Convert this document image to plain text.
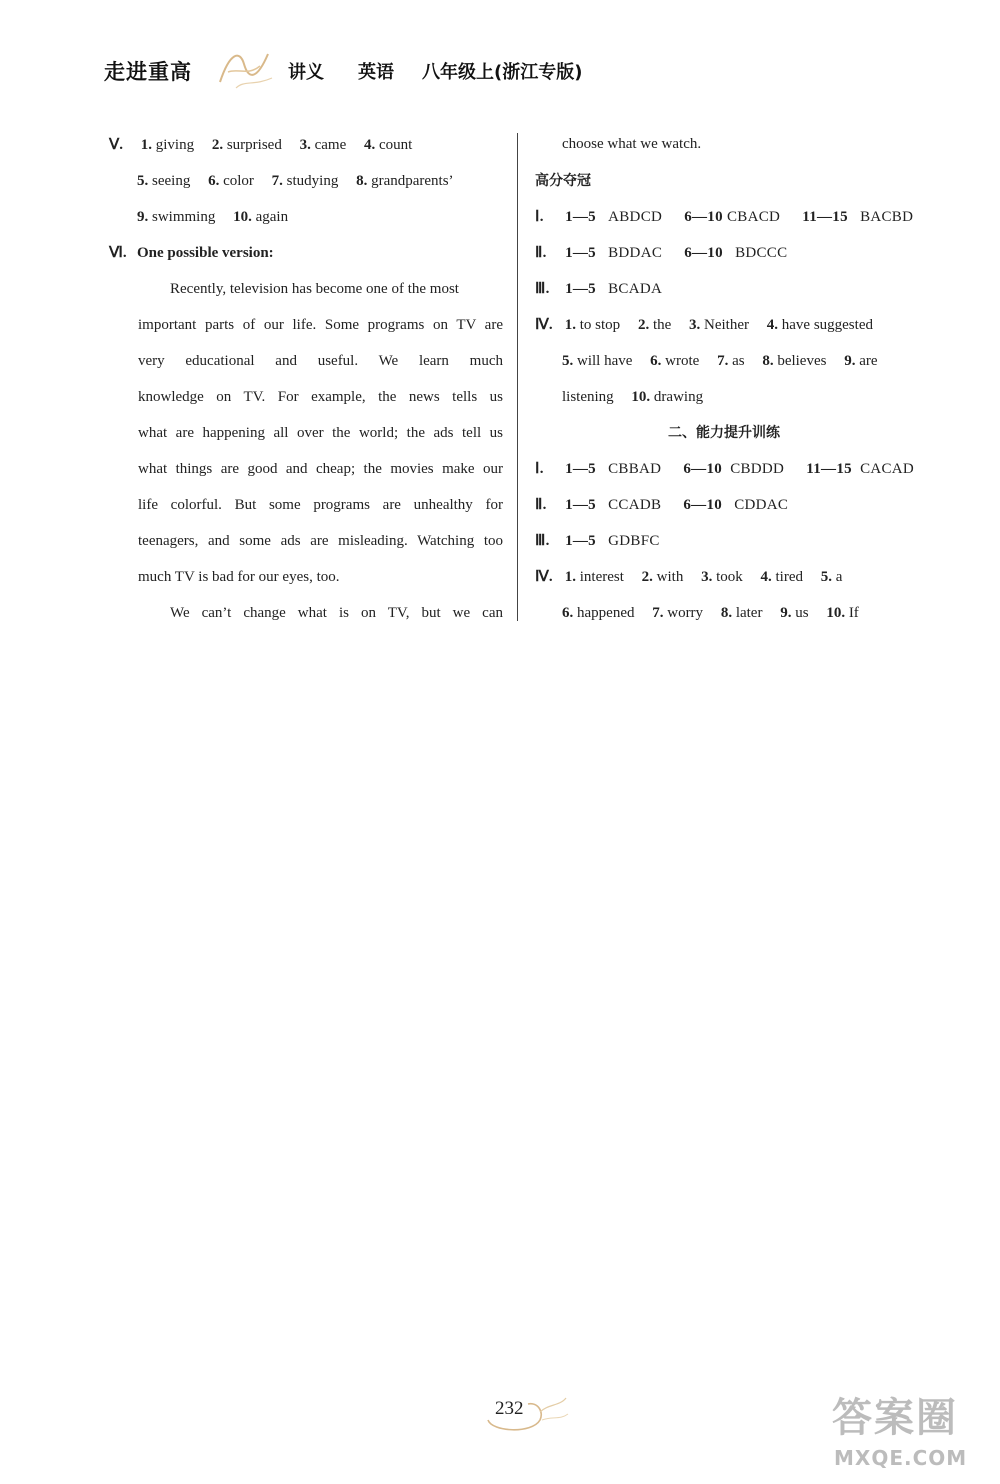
走进重高	讲义 英语 八年级上(浙江专版)
Ⅴ. 1. giving 2. surprised 3. came 4. count
5. seeing 6. color 7. studying 8. grandparents’
9. swimming 10. again
Ⅵ. One possible version:
Recently, television has become one of the most
important parts of our life. Some programs on TV are
very educational and useful. We learn much
knowledge on TV. For example, the news tells us
what are happening all over the world; the ads tell us
what things are good and cheap; the movies make our
life colorful. But some programs are unhealthy for
teenagers, and some ads are misleading. Watching too
much TV is bad for our eyes, too.
We can’t change what is on TV, but we can
choose what we watch.
高分夺冠
Ⅰ. 1—5 ABDCD 6—10 CBACD 11—15 BACBD
Ⅱ. 1—5 BDDAC 6—10 BDCCC
Ⅲ. 1—5 BCADA
Ⅳ. 1. to stop 2. the 3. Neither 4. have suggested
5. will have 6. wrote 7. as 8. believes 9. are
listening 10. drawing
二、能力提升训练
Ⅰ. 1—5 CBBAD 6—10 CBDDD 11—15 CACAD
Ⅱ. 1—5 CCADB 6—10 CDDAC
Ⅲ. 1—5 GDBFC
Ⅳ. 1. interest 2. with 3. took 4. tired 5. a
6. happened 7. worry 8. later 9. us 10. If
232	答案圈
MXQE.COM
